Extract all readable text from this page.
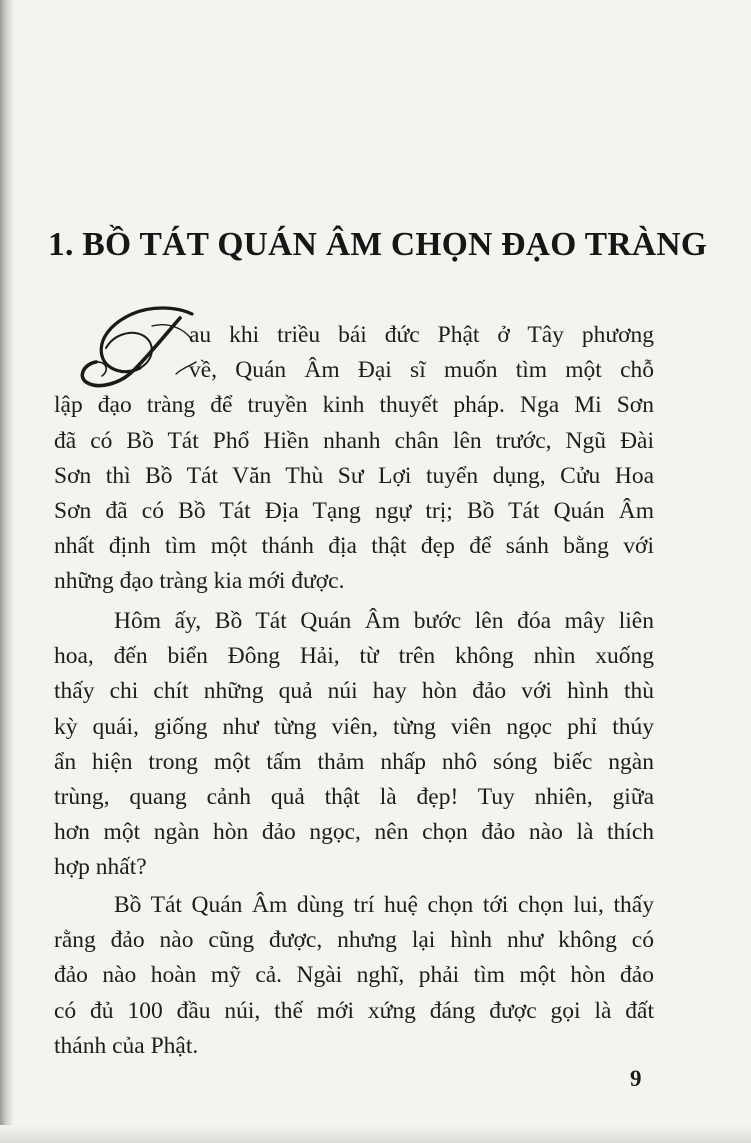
1. BỒ TÁT QUÁN ÂM CHỌN ĐẠO TRÀNG
au khi triều bái đức Phật ở Tây phương
về, Quán Âm Đại sĩ muốn tìm một chỗ
lập đạo tràng để truyền kinh thuyết pháp. Nga Mi Sơn
đã có Bồ Tát Phổ Hiền nhanh chân lên trước, Ngũ Đài
Sơn thì Bồ Tát Văn Thù Sư Lợi tuyển dụng, Cửu Hoa
Sơn đã có Bồ Tát Địa Tạng ngự trị; Bồ Tát Quán Âm
nhất định tìm một thánh địa thật đẹp để sánh bằng với
những đạo tràng kia mới được.
Hôm ấy, Bồ Tát Quán Âm bước lên đóa mây liên
hoa, đến biển Đông Hải, từ trên không nhìn xuống
thấy chi chít những quả núi hay hòn đảo với hình thù
kỳ quái, giống như từng viên, từng viên ngọc phỉ thúy
ẩn hiện trong một tấm thảm nhấp nhô sóng biếc ngàn
trùng, quang cảnh quả thật là đẹp! Tuy nhiên, giữa
hơn một ngàn hòn đảo ngọc, nên chọn đảo nào là thích
hợp nhất?
Bồ Tát Quán Âm dùng trí huệ chọn tới chọn lui, thấy
rằng đảo nào cũng được, nhưng lại hình như không có
đảo nào hoàn mỹ cả. Ngài nghĩ, phải tìm một hòn đảo
có đủ 100 đầu núi, thế mới xứng đáng được gọi là đất
thánh của Phật.
9
